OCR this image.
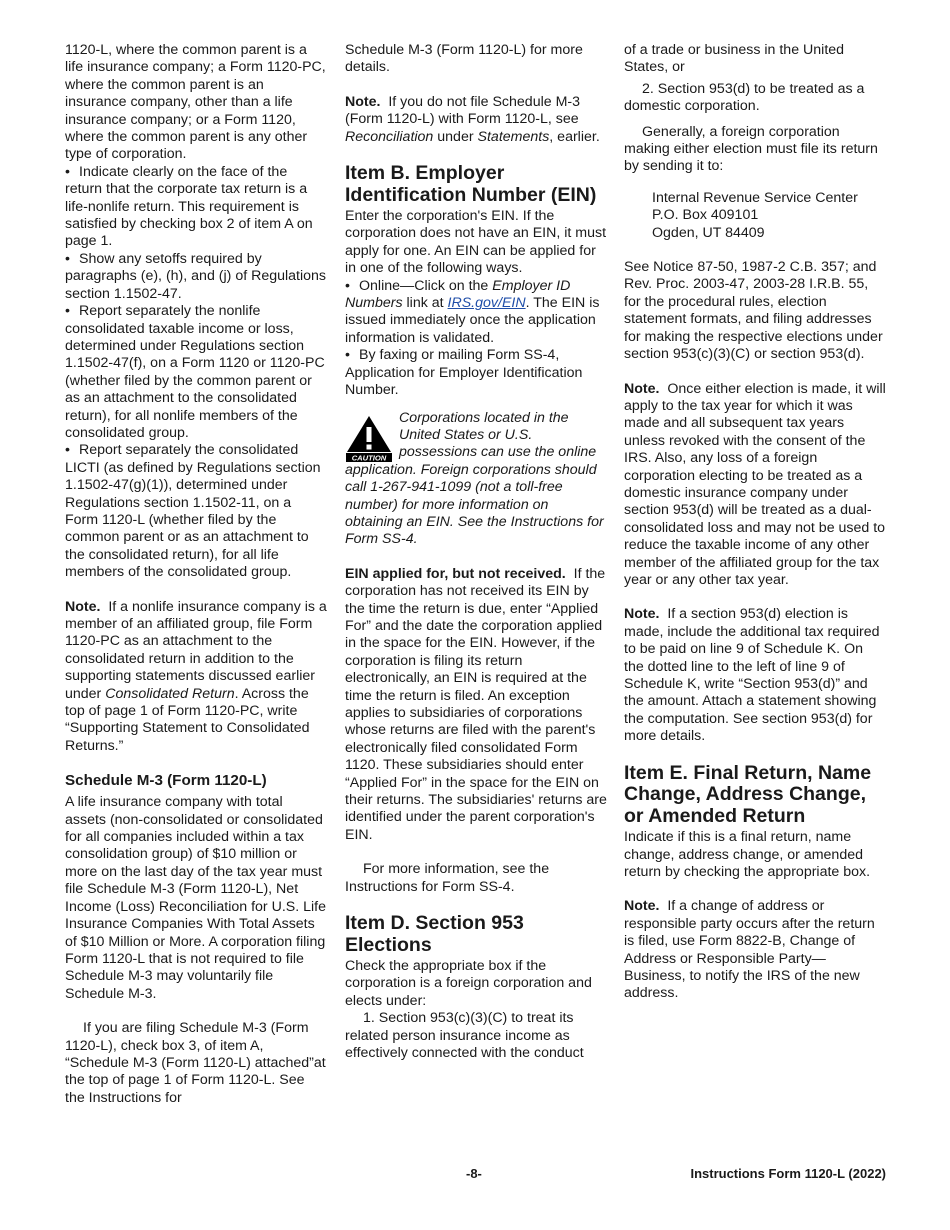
1120-L, where the common parent is a life insurance company; a Form 1120-PC, where the common parent is an insurance company, other than a life insurance company; or a Form 1120, where the common parent is any other type of corporation.

• Indicate clearly on the face of the return that the corporate tax return is a life-nonlife return. This requirement is satisfied by checking box 2 of item A on page 1.

• Show any setoffs required by paragraphs (e), (h), and (j) of Regulations section 1.1502-47.

• Report separately the nonlife consolidated taxable income or loss, determined under Regulations section 1.1502-47(f), on a Form 1120 or 1120-PC (whether filed by the common parent or as an attachment to the consolidated return), for all nonlife members of the consolidated group.

• Report separately the consolidated LICTI (as defined by Regulations section 1.1502-47(g)(1)), determined under Regulations section 1.1502-11, on a Form 1120-L (whether filed by the common parent or as an attachment to the consolidated return), for all life members of the consolidated group.

Note. If a nonlife insurance company is a member of an affiliated group, file Form 1120-PC as an attachment to the consolidated return in addition to the supporting statements discussed earlier under Consolidated Return. Across the top of page 1 of Form 1120-PC, write “Supporting Statement to Consolidated Returns.”

Schedule M-3 (Form 1120-L)

A life insurance company with total assets (non-consolidated or consolidated for all companies included within a tax consolidation group) of $10 million or more on the last day of the tax year must file Schedule M-3 (Form 1120-L), Net Income (Loss) Reconciliation for U.S. Life Insurance Companies With Total Assets of $10 Million or More. A corporation filing Form 1120-L that is not required to file Schedule M-3 may voluntarily file Schedule M-3.

If you are filing Schedule M-3 (Form 1120-L), check box 3, of item A, “Schedule M-3 (Form 1120-L) attached”at the top of page 1 of Form 1120-L. See the Instructions for

Schedule M-3 (Form 1120-L) for more details.

Note. If you do not file Schedule M-3 (Form 1120-L) with Form 1120-L, see Reconciliation under Statements, earlier.

Item B. Employer Identification Number (EIN)

Enter the corporation's EIN. If the corporation does not have an EIN, it must apply for one. An EIN can be applied for in one of the following ways.

• Online—Click on the Employer ID Numbers link at IRS.gov/EIN. The EIN is issued immediately once the application information is validated.

• By faxing or mailing Form SS-4, Application for Employer Identification Number.

CAUTION
Corporations located in the United States or U.S. possessions can use the online application. Foreign corporations should call 1-267-941-1099 (not a toll-free number) for more information on obtaining an EIN. See the Instructions for Form SS-4.

EIN applied for, but not received. If the corporation has not received its EIN by the time the return is due, enter “Applied For” and the date the corporation applied in the space for the EIN. However, if the corporation is filing its return electronically, an EIN is required at the time the return is filed. An exception applies to subsidiaries of corporations whose returns are filed with the parent's electronically filed consolidated Form 1120. These subsidiaries should enter “Applied For” in the space for the EIN on their returns. The subsidiaries' returns are identified under the parent corporation's EIN.

For more information, see the Instructions for Form SS-4.

Item D. Section 953 Elections

Check the appropriate box if the corporation is a foreign corporation and elects under:

1. Section 953(c)(3)(C) to treat its related person insurance income as effectively connected with the conduct

of a trade or business in the United States, or

2. Section 953(d) to be treated as a domestic corporation.

Generally, a foreign corporation making either election must file its return by sending it to:

Internal Revenue Service Center
P.O. Box 409101
Ogden, UT 84409

See Notice 87-50, 1987-2 C.B. 357; and Rev. Proc. 2003-47, 2003-28 I.R.B. 55, for the procedural rules, election statement formats, and filing addresses for making the respective elections under section 953(c)(3)(C) or section 953(d).

Note. Once either election is made, it will apply to the tax year for which it was made and all subsequent tax years unless revoked with the consent of the IRS. Also, any loss of a foreign corporation electing to be treated as a domestic insurance company under section 953(d) will be treated as a dual-consolidated loss and may not be used to reduce the taxable income of any other member of the affiliated group for the tax year or any other tax year.

Note. If a section 953(d) election is made, include the additional tax required to be paid on line 9 of Schedule K. On the dotted line to the left of line 9 of Schedule K, write “Section 953(d)” and the amount. Attach a statement showing the computation. See section 953(d) for more details.

Item E. Final Return, Name Change, Address Change, or Amended Return

Indicate if this is a final return, name change, address change, or amended return by checking the appropriate box.

Note. If a change of address or responsible party occurs after the return is filed, use Form 8822-B, Change of Address or Responsible Party—Business, to notify the IRS of the new address.

-8-	Instructions Form 1120-L (2022)
